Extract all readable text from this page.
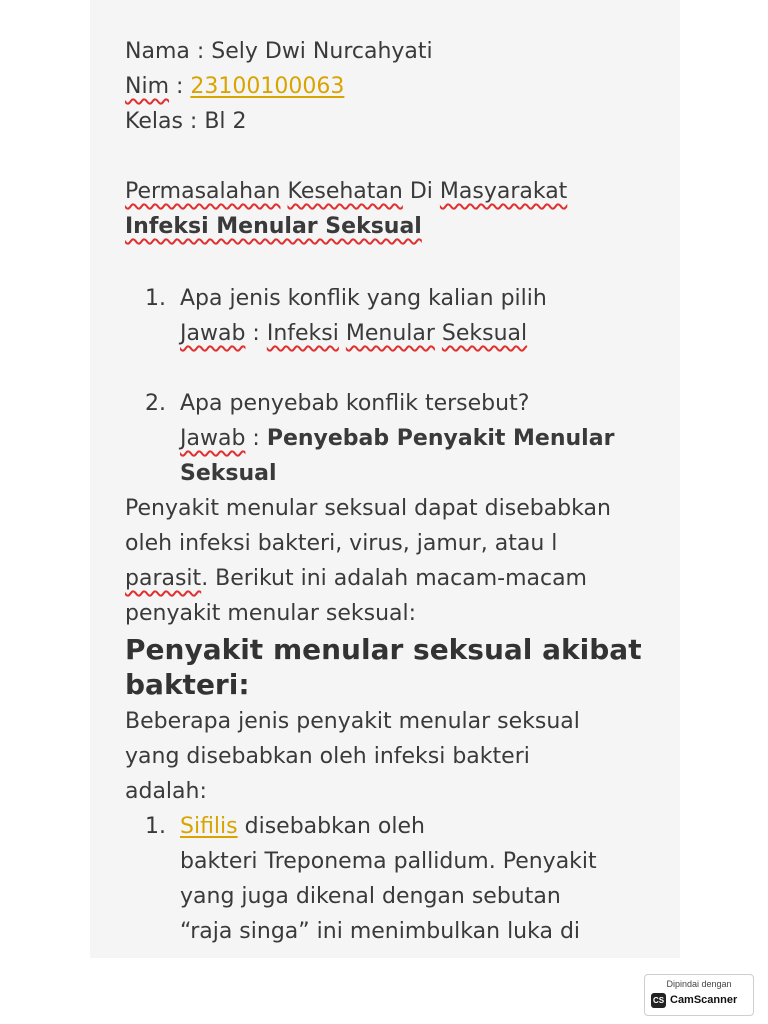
Nama : Sely Dwi Nurcahyati
Nim : 23100100063
Kelas : Bl 2
Permasalahan Kesehatan Di Masyarakat
Infeksi Menular Seksual
1. Apa jenis konflik yang kalian pilih
Jawab : Infeksi Menular Seksual
2. Apa penyebab konflik tersebut?
Jawab : Penyebab Penyakit Menular
Seksual
Penyakit menular seksual dapat disebabkan
oleh infeksi bakteri, virus, jamur, atau l
parasit. Berikut ini adalah macam-macam
penyakit menular seksual:
Penyakit menular seksual akibat
bakteri:
Beberapa jenis penyakit menular seksual
yang disebabkan oleh infeksi bakteri
adalah:
1. Sifilis disebabkan oleh
bakteri Treponema pallidum. Penyakit
yang juga dikenal dengan sebutan
“raja singa” ini menimbulkan luka di
Dipindai dengan
CS CamScanner
